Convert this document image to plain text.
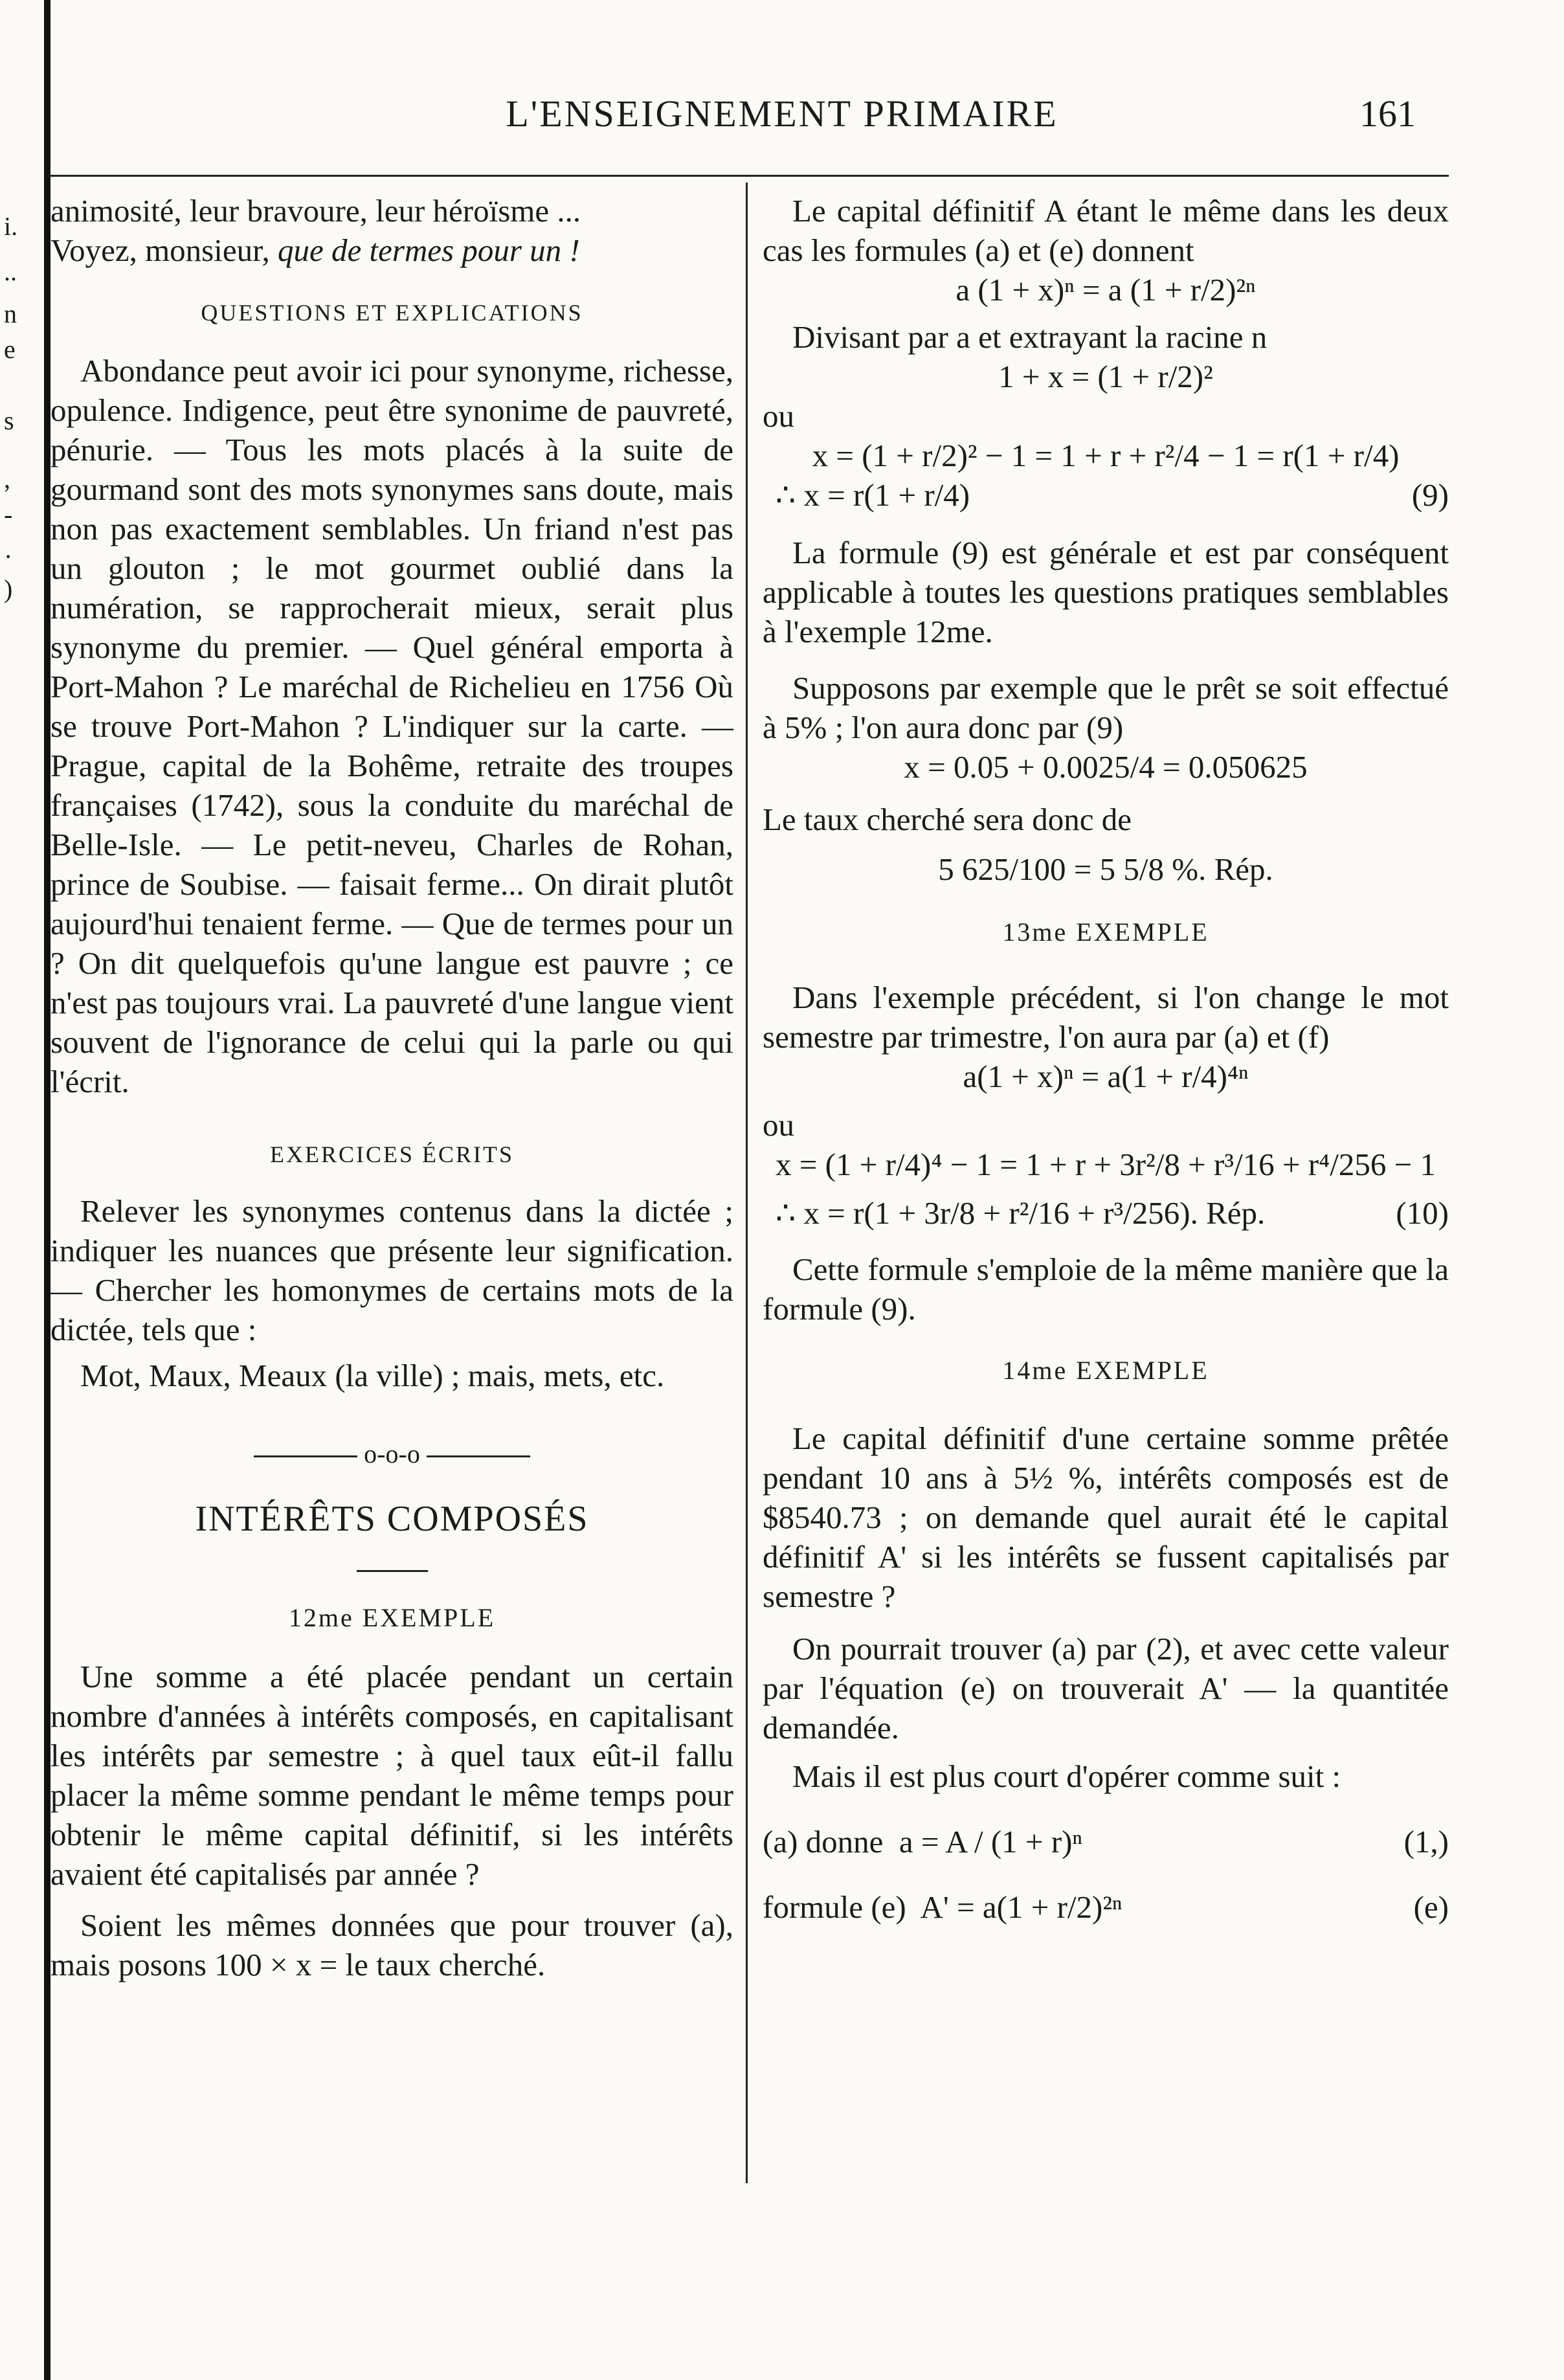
i.
..
n
e
s
,
-
·
)
L'ENSEIGNEMENT PRIMAIRE	161

animosité, leur bravoure, leur héroïsme ...

Voyez, monsieur, que de termes pour un !

QUESTIONS ET EXPLICATIONS

Abondance peut avoir ici pour synonyme, richesse, opulence. Indigence, peut être synonime de pauvreté, pénurie. — Tous les mots placés à la suite de gourmand sont des mots synonymes sans doute, mais non pas exactement semblables. Un friand n'est pas un glouton ; le mot gourmet oublié dans la numération, se rapprocherait mieux, serait plus synonyme du premier. — Quel général emporta à Port-Mahon ? Le maréchal de Richelieu en 1756 Où se trouve Port-Mahon ? L'indiquer sur la carte. — Prague, capital de la Bohême, retraite des troupes françaises (1742), sous la conduite du maréchal de Belle-Isle. — Le petit-neveu, Charles de Rohan, prince de Soubise. — faisait ferme... On dirait plutôt aujourd'hui tenaient ferme. — Que de termes pour un ? On dit quelquefois qu'une langue est pauvre ; ce n'est pas toujours vrai. La pauvreté d'une langue vient souvent de l'ignorance de celui qui la parle ou qui l'écrit.

EXERCICES ÉCRITS

Relever les synonymes contenus dans la dictée ; indiquer les nuances que présente leur signification. — Chercher les homonymes de certains mots de la dictée, tels que :

Mot, Maux, Meaux (la ville) ; mais, mets, etc.

o-o-o

INTÉRÊTS COMPOSÉS

12me EXEMPLE

Une somme a été placée pendant un certain nombre d'années à intérêts composés, en capitalisant les intérêts par semestre ; à quel taux eût-il fallu placer la même somme pendant le même temps pour obtenir le même capital définitif, si les intérêts avaient été capitalisés par année ?

Soient les mêmes données que pour trouver (a), mais posons 100 × x = le taux cherché.

Le capital définitif A étant le même dans les deux cas les formules (a) et (e) donnent

a (1 + x)ⁿ = a (1 + r/2)²ⁿ

Divisant par a et extrayant la racine n

1 + x = (1 + r/2)²

ou

x = (1 + r/2)² − 1 = 1 + r + r²/4 − 1 = r(1 + r/4)

∴ x = r(1 + r/4)	(9)

La formule (9) est générale et est par conséquent applicable à toutes les questions pratiques semblables à l'exemple 12me.

Supposons par exemple que le prêt se soit effectué à 5% ; l'on aura donc par (9)

x = 0.05 + 0.0025/4 = 0.050625

Le taux cherché sera donc de

5 625/100 = 5 5/8 %. Rép.

13me EXEMPLE

Dans l'exemple précédent, si l'on change le mot semestre par trimestre, l'on aura par (a) et (f)

a(1 + x)ⁿ = a(1 + r/4)⁴ⁿ

ou

x = (1 + r/4)⁴ − 1 = 1 + r + 3r²/8 + r³/16 + r⁴/256 − 1

∴ x = r(1 + 3r/8 + r²/16 + r³/256). Rép.	(10)

Cette formule s'emploie de la même manière que la formule (9).

14me EXEMPLE

Le capital définitif d'une certaine somme prêtée pendant 10 ans à 5½ %, intérêts composés est de $8540.73 ; on demande quel aurait été le capital définitif A' si les intérêts se fussent capitalisés par semestre ?

On pourrait trouver (a) par (2), et avec cette valeur par l'équation (e) on trouverait A' — la quantitée demandée.

Mais il est plus court d'opérer comme suit :

(a) donne a = A / (1 + r)ⁿ	(1,)
formule (e) A' = a(1 + r/2)²ⁿ	(e)
